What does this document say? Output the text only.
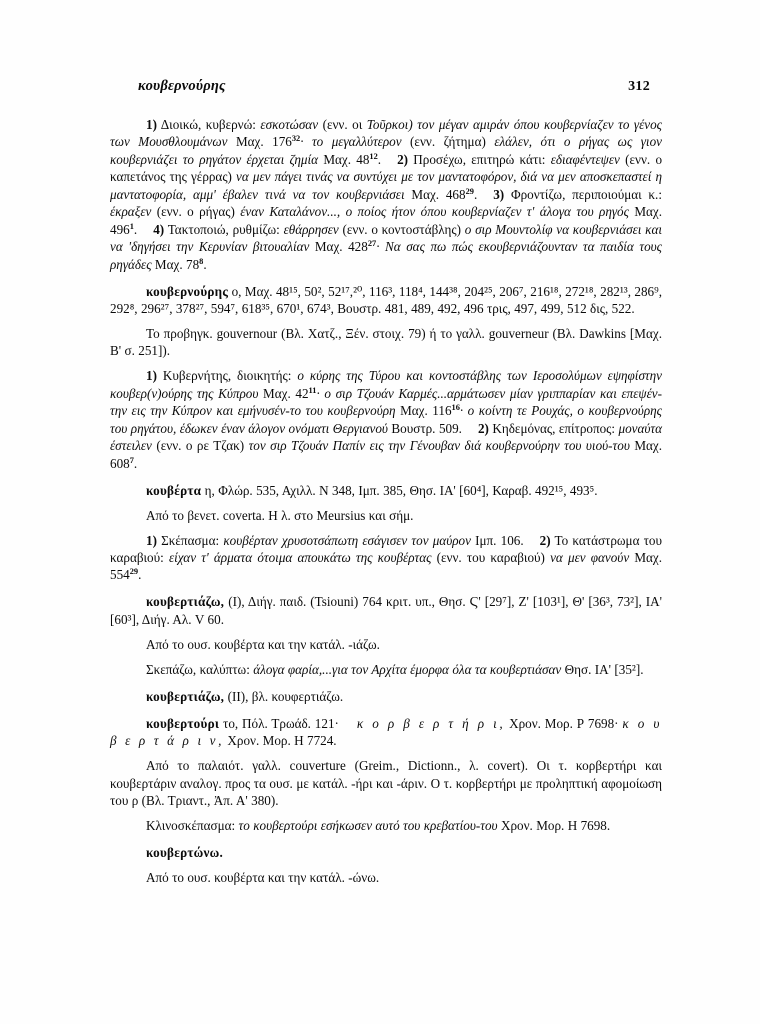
κουβερνούρης	312

1) Διοικώ, κυβερνώ: εσκοτώσαν (ενν. οι Τοῦρκοι) τον μέγαν αμιράν όπου κουβερνίαζεν το γένος των Μουσθλουμάνων Μαχ. $176^{32}\cdot \tau o$ μεγαλλύτερον (ενν. ζήτημα) ελάλεν, ότι ο ρήγας ως γιον κουβερνιάζει το ρηγάτον έρχεται ζημία Μαχ. $48^{12}$. 2) Προσέχω, επιτηρώ κάτι: εδιαφέντεψεν (ενν. ο καπετάνος της γέρρας) να μεν πάγει τινάς να συντύχει με τον μαντατοφόρον, διά να μεν αποσκεπαστεί η μαντατοφορία, αμμ' έβαλεν τινά να τον κουβερνιάσει Μαχ. $468^{29}$. 3) Φροντίζω, περιποιούμαι κ.: έκραξεν (ενν. ο ρήγας) έναν Καταλάνον..., ο ποίος ήτον όπου κουβερνίαζεν τ' άλογα του ρηγός Μαχ. $496^1$. 4) Τακτοποιώ, ρυθμίζω: εθάρρησεν (ενν. ο κοντοστάβλης) ο σιρ Μουντολίφ να κουβερνιάσει και να 'δηγήσει την Κερυνίαν βιτουαλίαν Μαχ. $428^{27}\cdot N\alpha$ σας πω πώς εκουβερνιάζουνταν τα παιδία τους ρηγάδες Μαχ. $78^8$.

κουβερνούρης ο, Μαχ. 48¹⁵, 50², 52¹⁷,²⁰, 116³, 118⁴, 144³⁸, 204²⁵, 206⁷, 216¹⁸, 272¹⁸, 282¹³, 286⁹, 292⁸, 296²⁷, 378²⁷, 594⁷, 618³⁵, 670¹, 674³, Βουστρ. 481, 489, 492, 496 τρις, 497, 499, 512 δις, 522.

Το προβηγκ. gouvernour (Βλ. Χατζ., Ξέν. στοιχ. 79) ή το γαλλ. gouverneur (Βλ. Dawkins [Μαχ. Β' σ. 251]).

1) Κυβερνήτης, διοικητής: ο κύρης της Τύρου και κοντοστάβλης των Ιεροσολύμων εψηφίστην κουβερ(ν)ούρης της Κύπρου Μαχ. $42^{11}\cdot o$ σιρ Τζουάν Καρμές...αρμάτωσεν μίαν γριππαρίαν και επεψέν-την εις την Κύπρον και εμήνυσέν-το του κουβερνούρη Μαχ. $116^{16}\cdot o$ κοίντη τε Ρουχάς, ο κουβερνούρης του ρηγάτου, έδωκεν έναν άλογον ονόματι Θεργιανού Βουστρ. 509. 2) Κηδεμόνας, επίτροπος: μοναύτα έστειλεν (ενν. ο ρε Τζακ) τον σιρ Τζουάν Παπίν εις την Γένουβαν διά κουβερνούρην του υιού-του Μαχ. $608^7$.

κουβέρτα η, Φλώρ. 535, Αχιλλ. Ν 348, Ιμπ. 385, Θησ. ΙΑ' [60⁴], Καραβ. 492¹⁵, 493⁵.

Από το βενετ. coverta. Η λ. στο Meursius και σήμ.

1) Σκέπασμα: κουβέρταν χρυσοτσάπωτη εσάγισεν τον μαύρον Ιμπ. 106. 2) Το κατάστρωμα του καραβιού: είχαν τ' άρματα ότοιμα απουκάτω της κουβέρτας (ενν. του καραβιού) να μεν φανούν Μαχ. $554^{29}$.

κουβερτιάζω, (Ι), Διήγ. παιδ. (Tsiouni) 764 κριτ. υπ., Θησ. Ϛ' [29⁷], Ζ' [103¹], Θ' [36³, 73²], ΙΑ' [60³], Διήγ. Αλ. V 60.

Από το ουσ. κουβέρτα και την κατάλ. -ιάζω.

Σκεπάζω, καλύπτω: άλογα φαρία,...για τον Αρχίτα έμορφα όλα τα κουβερτιάσαν Θησ. ΙΑ' [35²].

κουβερτιάζω, (ΙΙ), βλ. κουφερτιάζω.

κουβερτούρι το, Πόλ. Τρωάδ. 121· κ ο ρ β ε ρ τ ή ρ ι, Χρον. Μορ. Ρ 7698· κ ο υ β ε ρ τ ά ρ ι ν, Χρον. Μορ. Η 7724.

Από το παλαιότ. γαλλ. couverture (Greim., Dictionn., λ. covert). Οι τ. κορβερτήρι και κουβερτάριν αναλογ. προς τα ουσ. με κατάλ. -ήρι και -άριν. Ο τ. κορβερτήρι με προληπτική αφομοίωση του ρ (Βλ. Τριαντ., Ἀπ. Α' 380).

Κλινοσκέπασμα: το κουβερτούρι εσήκωσεν αυτό του κρεβατίου-του Χρον. Μορ. Η 7698.

κουβερτώνω.

Από το ουσ. κουβέρτα και την κατάλ. -ώνω.
